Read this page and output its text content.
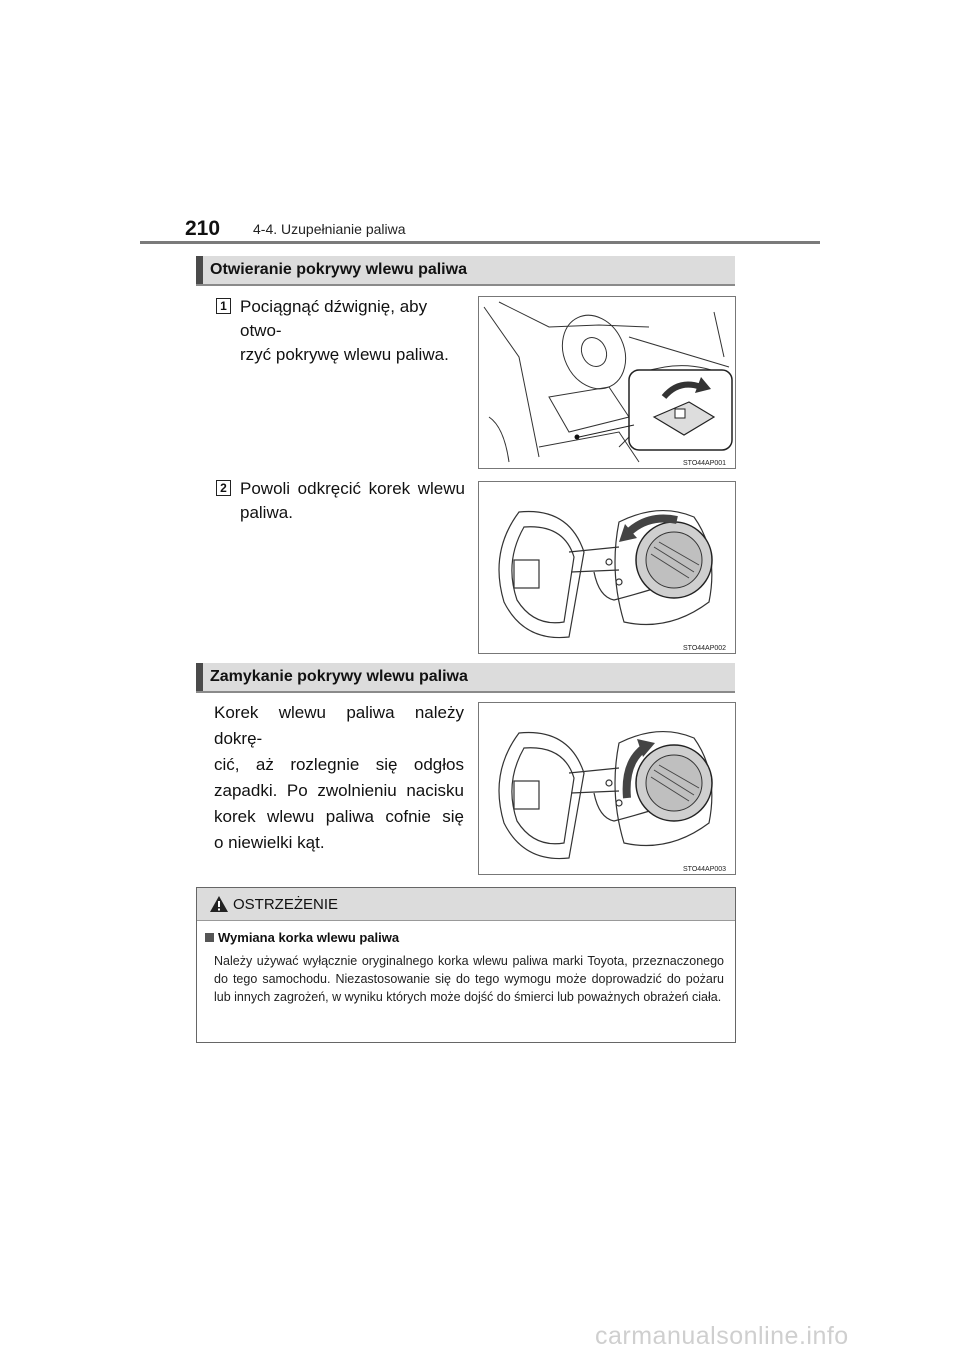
210 4-4. Uzupełnianie paliwa
Otwieranie pokrywy wlewu paliwa
1 Pociągnąć dźwignię, aby otwo-
rzyć pokrywę wlewu paliwa.
STO44AP001
2 Powoli odkręcić korek wlewu
paliwa.
STO44AP002
Zamykanie pokrywy wlewu paliwa
Korek wlewu paliwa należy dokrę-
cić, aż rozlegnie się odgłos
zapadki. Po zwolnieniu nacisku
korek wlewu paliwa cofnie się
o niewielki kąt.
STO44AP003
OSTRZEŻENIE
Wymiana korka wlewu paliwa
Należy używać wyłącznie oryginalnego korka wlewu paliwa marki Toyota, przeznaczonego do tego samochodu. Niezastosowanie się do tego wymogu może doprowadzić do pożaru lub innych zagrożeń, w wyniku których może dojść do śmierci lub poważnych obrażeń ciała.
carmanualsonline.info
